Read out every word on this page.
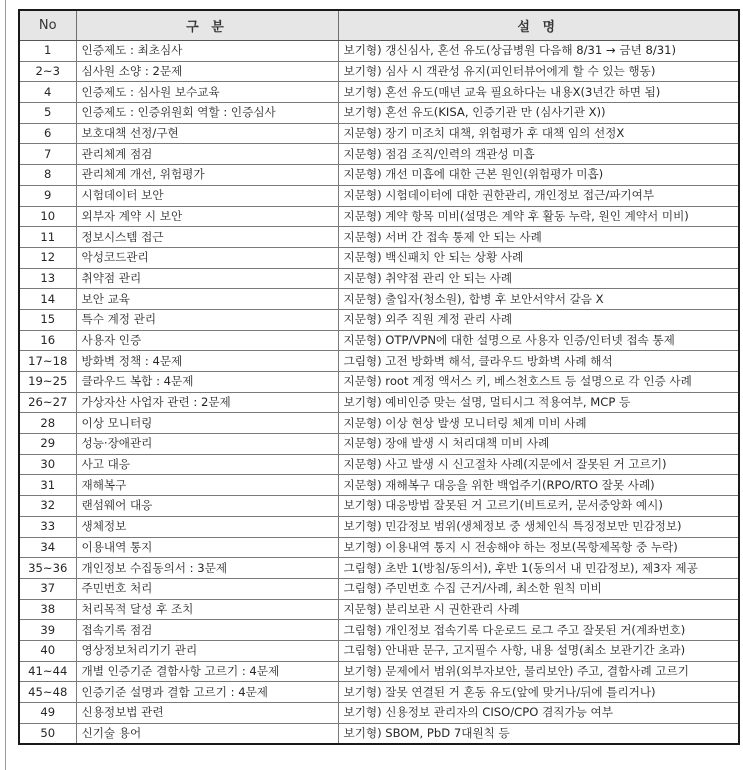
No	구 분	설 명
1	인증제도 : 최초심사	보기형) 갱신심사, 혼선 유도(상급병원 다음해 8/31 → 금년 8/31)
2~3	심사원 소양 : 2문제	보기형) 심사 시 객관성 유지(피인터뷰어에게 할 수 있는 행동)
4	인증제도 : 심사원 보수교육	보기형) 혼선 유도(매년 교육 필요하다는 내용X(3년간 하면 됨)
5	인증제도 : 인증위원회 역할 : 인증심사	보기형) 혼선 유도(KISA, 인증기관 만 (심사기관 X))
6	보호대책 선정/구현	지문형) 장기 미조치 대책, 위험평가 후 대책 임의 선정X
7	관리체계 점검	지문형) 점검 조직/인력의 객관성 미흡
8	관리체계 개선, 위험평가	지문형) 개선 미흡에 대한 근본 원인(위험평가 미흡)
9	시험데이터 보안	지문형) 시험데이터에 대한 권한관리, 개인정보 접근/파기여부
10	외부자 계약 시 보안	지문형) 계약 항목 미비(설명은 계약 후 활동 누락, 원인 계약서 미비)
11	정보시스템 접근	지문형) 서버 간 접속 통제 안 되는 사례
12	악성코드관리	지문형) 백신패치 안 되는 상황 사례
13	취약점 관리	지문형) 취약점 관리 안 되는 사례
14	보안 교육	지문형) 출입자(청소원), 합병 후 보안서약서 갈음 X
15	특수 계정 관리	지문형) 외주 직원 계정 관리 사례
16	사용자 인증	지문형) OTP/VPN에 대한 설명으로 사용자 인증/인터넷 접속 통제
17~18	방화벽 정책 : 4문제	그림형) 고전 방화벽 해석, 클라우드 방화벽 사례 해석
19~25	클라우드 복합 : 4문제	지문형) root 계정 액서스 키, 베스천호스트 등 설명으로 각 인증 사례
26~27	가상자산 사업자 관련 : 2문제	보기형) 예비인증 맞는 설명, 멀티시그 적용여부, MCP 등
28	이상 모니터링	지문형) 이상 현상 발생 모니터링 체계 미비 사례
29	성능·장애관리	지문형) 장애 발생 시 처리대책 미비 사례
30	사고 대응	지문형) 사고 발생 시 신고절차 사례(지문에서 잘못된 거 고르기)
31	재해복구	지문형) 재해복구 대응을 위한 백업주기(RPO/RTO 잘못 사례)
32	랜섬웨어 대응	보기형) 대응방법 잘못된 거 고르기(비트로커, 문서중앙화 예시)
33	생체정보	보기형) 민감정보 범위(생체정보 중 생체인식 특징정보만 민감정보)
34	이용내역 통지	보기형) 이용내역 통지 시 전송해야 하는 정보(목항제목항 중 누락)
35~36	개인정보 수집동의서 : 3문제	그림형) 초반 1(방침/동의서), 후반 1(동의서 내 민감정보), 제3자 제공
37	주민번호 처리	그림형) 주민번호 수집 근거/사례, 최소한 원칙 미비
38	처리목적 달성 후 조치	지문형) 분리보관 시 권한관리 사례
39	접속기록 점검	그림형) 개인정보 접속기록 다운로드 로그 주고 잘못된 거(계좌번호)
40	영상정보처리기기 관리	그림형) 안내판 문구, 고지필수 사항, 내용 설명(최소 보관기간 초과)
41~44	개별 인증기준 결함사항 고르기 : 4문제	보기형) 문제에서 범위(외부자보안, 물리보안) 주고, 결함사례 고르기
45~48	인증기준 설명과 결함 고르기 : 4문제	보기형) 잘못 연결된 거 혼동 유도(앞에 맞거나/뒤에 틀리거나)
49	신용정보법 관련	보기형) 신용정보 관리자의 CISO/CPO 겸직가능 여부
50	신기술 용어	보기형) SBOM, PbD 7대원칙 등
